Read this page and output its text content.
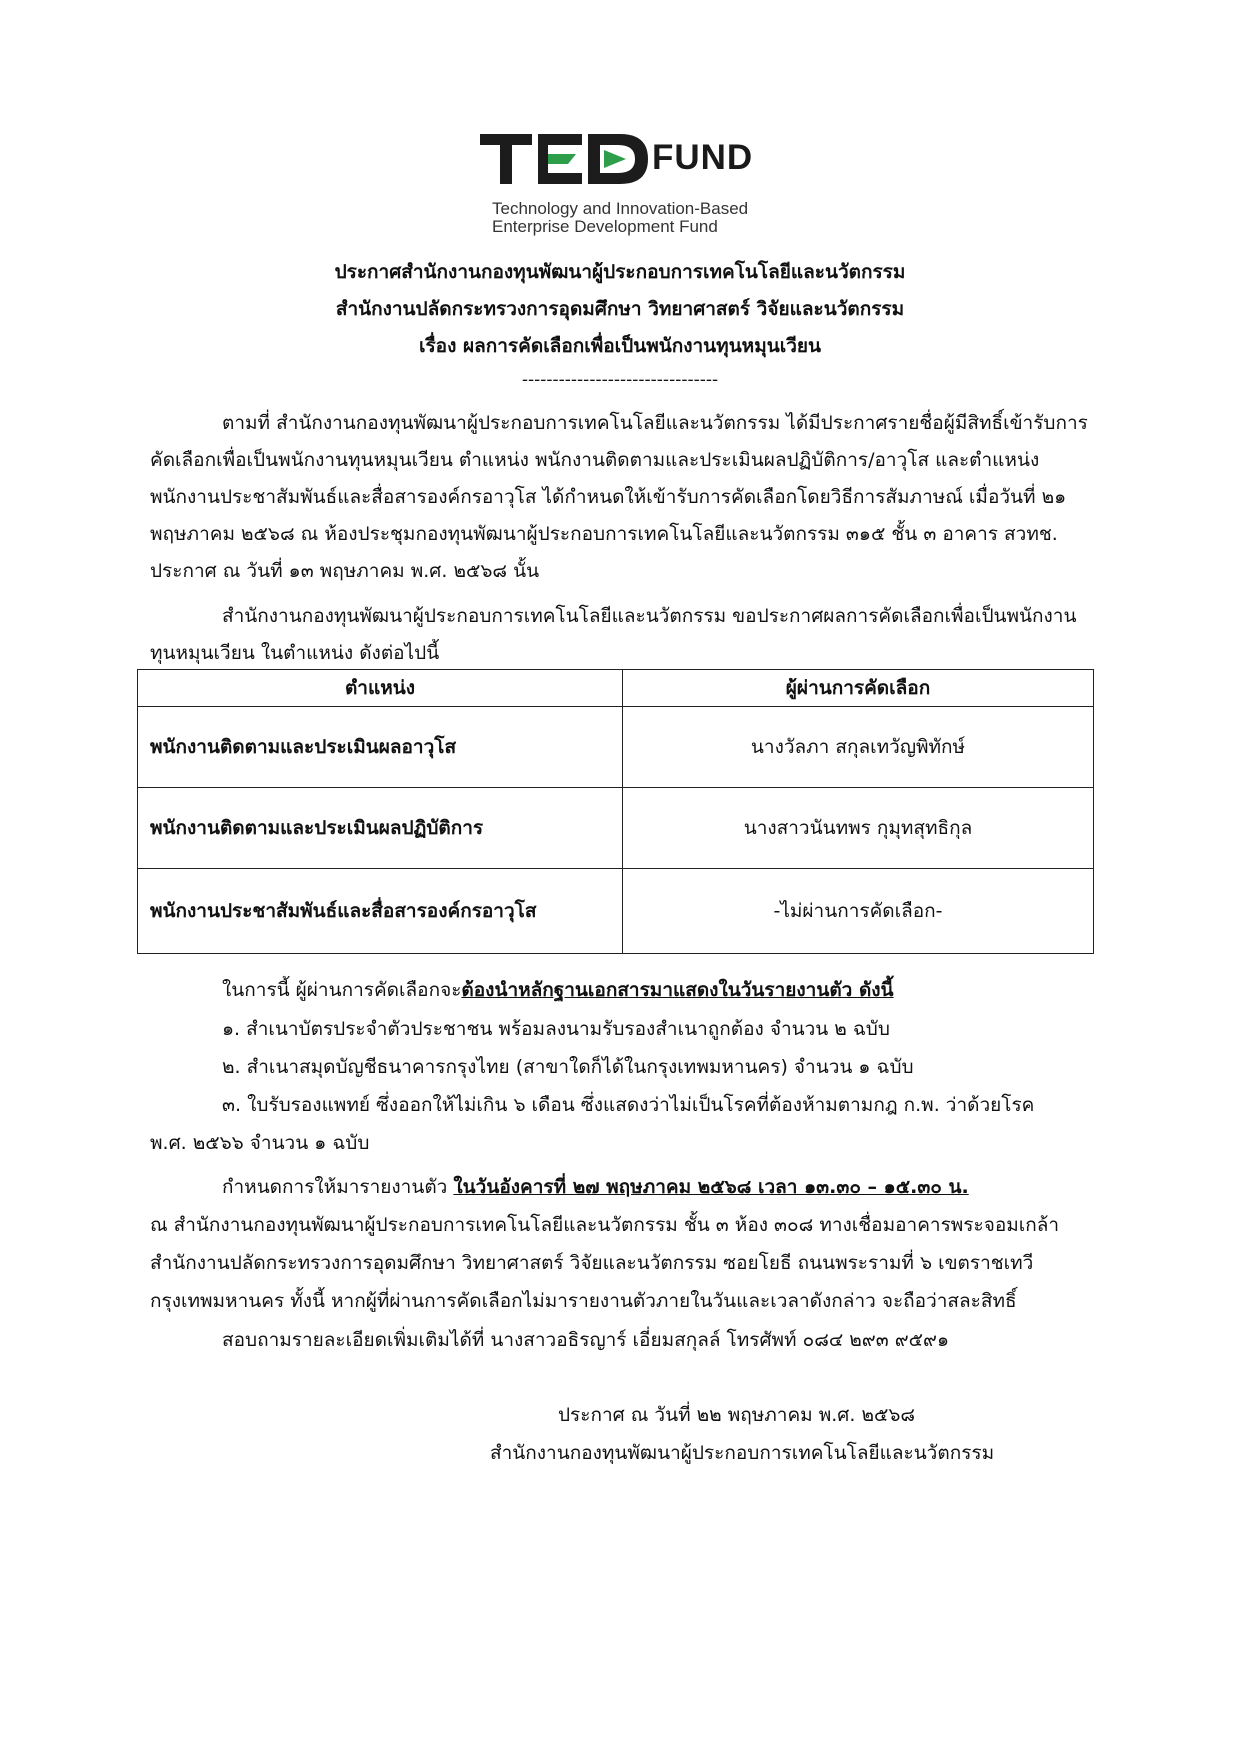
FUND
Technology and Innovation-Based
Enterprise Development Fund
ประกาศสำนักงานกองทุนพัฒนาผู้ประกอบการเทคโนโลยีและนวัตกรรม
สำนักงานปลัดกระทรวงการอุดมศึกษา วิทยาศาสตร์ วิจัยและนวัตกรรม
เรื่อง ผลการคัดเลือกเพื่อเป็นพนักงานทุนหมุนเวียน
--------------------------------
ตามที่ สำนักงานกองทุนพัฒนาผู้ประกอบการเทคโนโลยีและนวัตกรรม ได้มีประกาศรายชื่อผู้มีสิทธิ์เข้ารับการคัดเลือกเพื่อเป็นพนักงานทุนหมุนเวียน ตำแหน่ง พนักงานติดตามและประเมินผลปฏิบัติการ/อาวุโส และตำแหน่ง พนักงานประชาสัมพันธ์และสื่อสารองค์กรอาวุโส ได้กำหนดให้เข้ารับการคัดเลือกโดยวิธีการสัมภาษณ์ เมื่อวันที่ ๒๑ พฤษภาคม ๒๕๖๘ ณ ห้องประชุมกองทุนพัฒนาผู้ประกอบการเทคโนโลยีและนวัตกรรม ๓๑๕ ชั้น ๓ อาคาร สวทช. ประกาศ ณ วันที่ ๑๓ พฤษภาคม พ.ศ. ๒๕๖๘ นั้น
สำนักงานกองทุนพัฒนาผู้ประกอบการเทคโนโลยีและนวัตกรรม ขอประกาศผลการคัดเลือกเพื่อเป็นพนักงานทุนหมุนเวียน ในตำแหน่ง ดังต่อไปนี้
ตำแหน่ง	ผู้ผ่านการคัดเลือก
พนักงานติดตามและประเมินผลอาวุโส	นางวัลภา สกุลเทวัญพิทักษ์
พนักงานติดตามและประเมินผลปฏิบัติการ	นางสาวนันทพร กุมุทสุทธิกุล
พนักงานประชาสัมพันธ์และสื่อสารองค์กรอาวุโส	-ไม่ผ่านการคัดเลือก-
ในการนี้ ผู้ผ่านการคัดเลือกจะต้องนำหลักฐานเอกสารมาแสดงในวันรายงานตัว ดังนี้
๑. สำเนาบัตรประจำตัวประชาชน พร้อมลงนามรับรองสำเนาถูกต้อง จำนวน ๒ ฉบับ
๒. สำเนาสมุดบัญชีธนาคารกรุงไทย (สาขาใดก็ได้ในกรุงเทพมหานคร) จำนวน ๑ ฉบับ
๓. ใบรับรองแพทย์ ซึ่งออกให้ไม่เกิน ๖ เดือน ซึ่งแสดงว่าไม่เป็นโรคที่ต้องห้ามตามกฎ ก.พ. ว่าด้วยโรค
พ.ศ. ๒๕๖๖ จำนวน ๑ ฉบับ
กำหนดการให้มารายงานตัว ในวันอังคารที่ ๒๗ พฤษภาคม ๒๕๖๘ เวลา ๑๓.๓๐ – ๑๕.๓๐ น.
ณ สำนักงานกองทุนพัฒนาผู้ประกอบการเทคโนโลยีและนวัตกรรม ชั้น ๓ ห้อง ๓๐๘ ทางเชื่อมอาคารพระจอมเกล้า
สำนักงานปลัดกระทรวงการอุดมศึกษา วิทยาศาสตร์ วิจัยและนวัตกรรม ซอยโยธี ถนนพระรามที่ ๖ เขตราชเทวี
กรุงเทพมหานคร ทั้งนี้ หากผู้ที่ผ่านการคัดเลือกไม่มารายงานตัวภายในวันและเวลาดังกล่าว จะถือว่าสละสิทธิ์
สอบถามรายละเอียดเพิ่มเติมได้ที่ นางสาวอธิรญาร์ เอี่ยมสกุลล์ โทรศัพท์ ๐๘๔ ๒๙๓ ๙๕๙๑
ประกาศ ณ วันที่ ๒๒ พฤษภาคม พ.ศ. ๒๕๖๘
สำนักงานกองทุนพัฒนาผู้ประกอบการเทคโนโลยีและนวัตกรรม
